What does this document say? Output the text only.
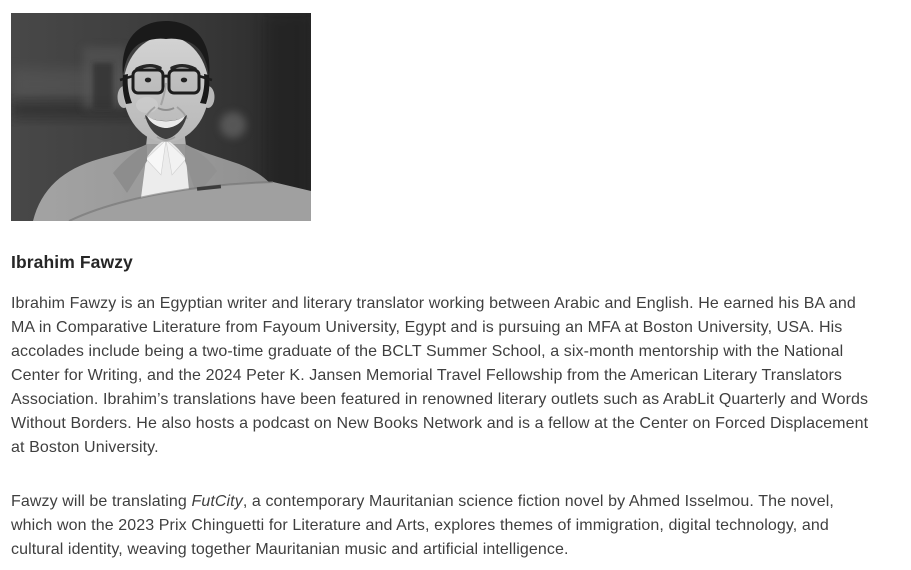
Ibrahim Fawzy
Ibrahim Fawzy is an Egyptian writer and literary translator working between Arabic and English. He earned his BA and
MA in Comparative Literature from Fayoum University, Egypt and is pursuing an MFA at Boston University, USA. His
accolades include being a two-time graduate of the BCLT Summer School, a six-month mentorship with the National
Center for Writing, and the 2024 Peter K. Jansen Memorial Travel Fellowship from the American Literary Translators
Association. Ibrahim’s translations have been featured in renowned literary outlets such as ArabLit Quarterly and Words
Without Borders. He also hosts a podcast on New Books Network and is a fellow at the Center on Forced Displacement
at Boston University.
Fawzy will be translating FutCity, a contemporary Mauritanian science fiction novel by Ahmed Isselmou. The novel,
which won the 2023 Prix Chinguetti for Literature and Arts, explores themes of immigration, digital technology, and
cultural identity, weaving together Mauritanian music and artificial intelligence.
